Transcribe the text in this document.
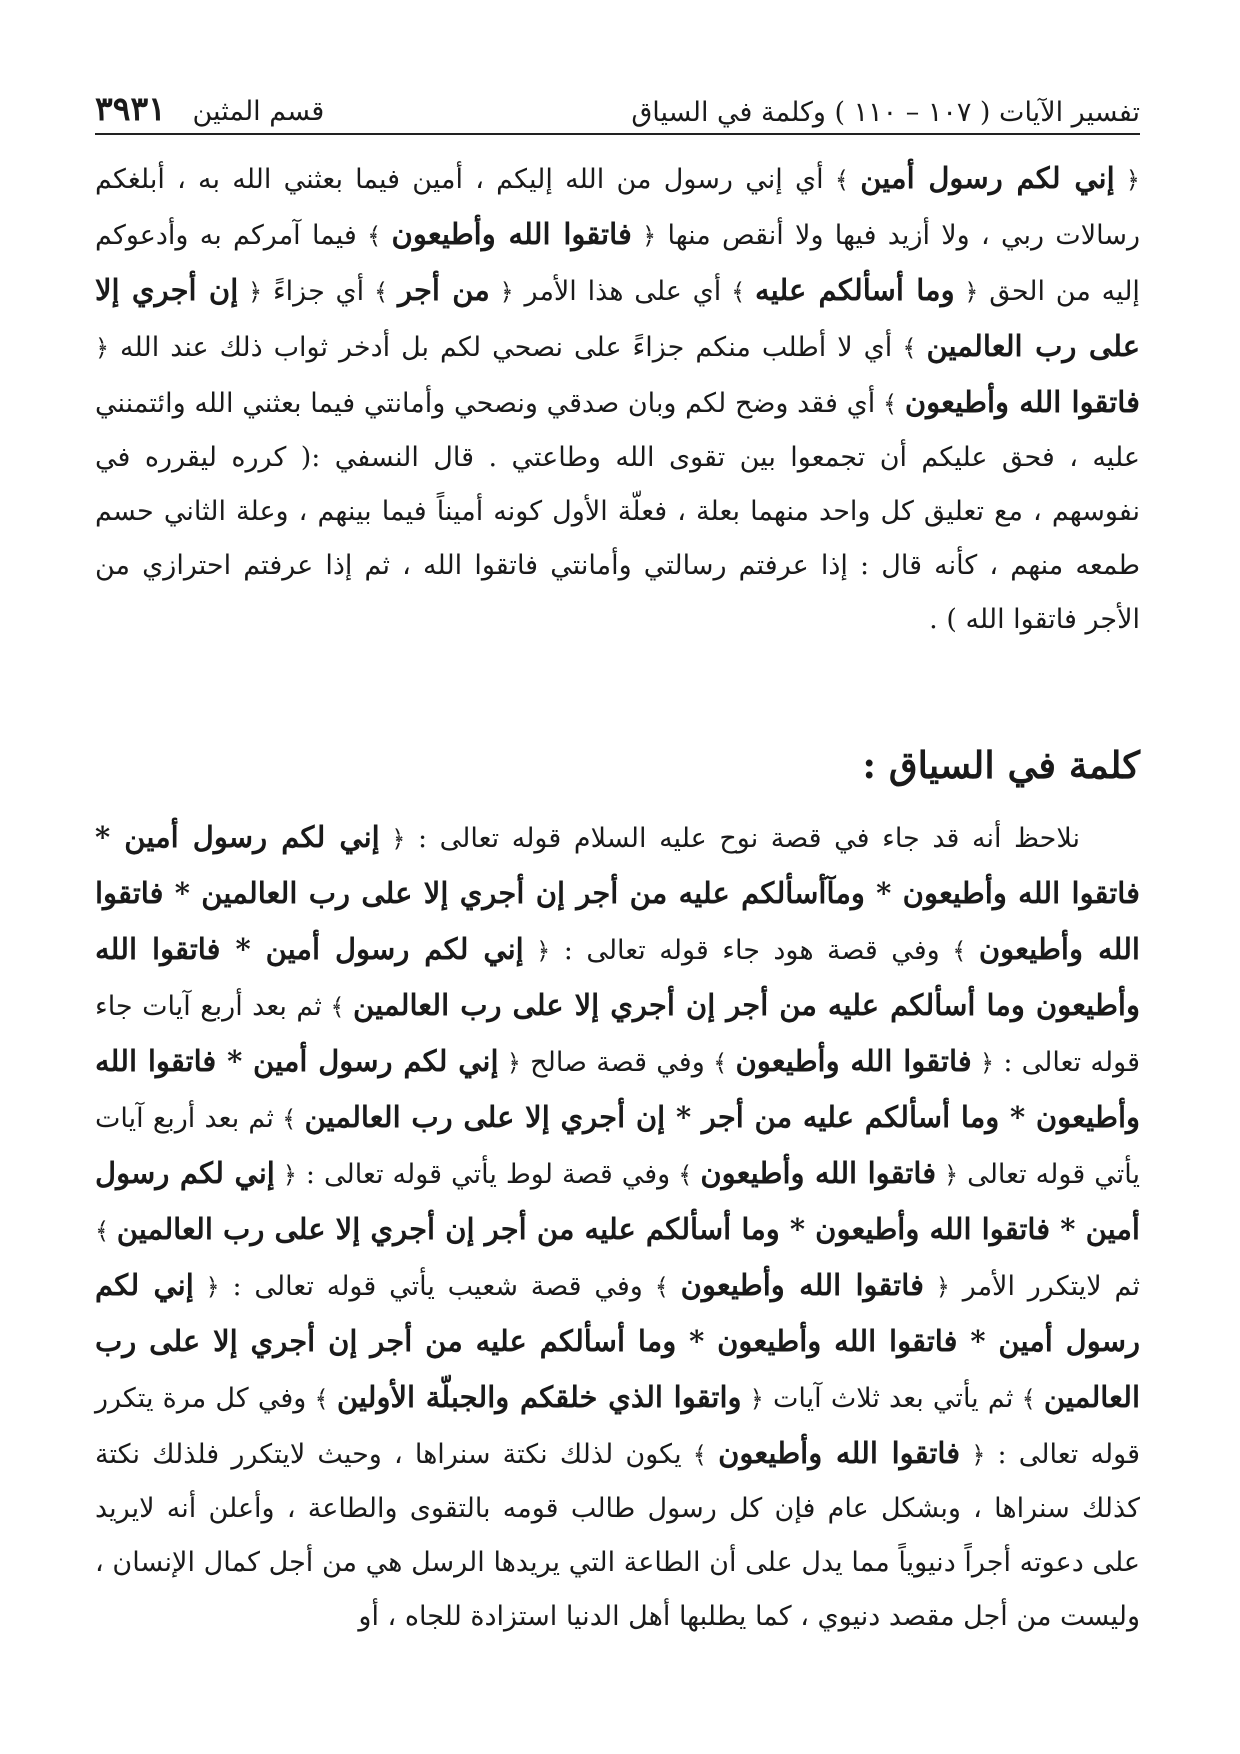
تفسير الآيات ( ١٠٧ – ١١٠ ) وكلمة في السياق
قسم المثين ٣٩٣١

﴿ إني لكم رسول أمين ﴾ أي إني رسول من الله إليكم ، أمين فيما بعثني الله به ، أبلغكم رسالات ربي ، ولا أزيد فيها ولا أنقص منها ﴿ فاتقوا الله وأطيعون ﴾ فيما آمركم به وأدعوكم إليه من الحق ﴿ وما أسألكم عليه ﴾ أي على هذا الأمر ﴿ من أجر ﴾ أي جزاءً ﴿ إن أجري إلا على رب العالمين ﴾ أي لا أطلب منكم جزاءً على نصحي لكم بل أدخر ثواب ذلك عند الله ﴿ فاتقوا الله وأطيعون ﴾ أي فقد وضح لكم وبان صدقي ونصحي وأمانتي فيما بعثني الله وائتمنني عليه ، فحق عليكم أن تجمعوا بين تقوى الله وطاعتي . قال النسفي :( كرره ليقرره في نفوسهم ، مع تعليق كل واحد منهما بعلة ، فعلّة الأول كونه أميناً فيما بينهم ، وعلة الثاني حسم طمعه منهم ، كأنه قال : إذا عرفتم رسالتي وأمانتي فاتقوا الله ، ثم إذا عرفتم احترازي من الأجر فاتقوا الله ) .

كلمة في السياق :

نلاحظ أنه قد جاء في قصة نوح عليه السلام قوله تعالى : ﴿ إني لكم رسول أمين * فاتقوا الله وأطيعون * ومآأسألكم عليه من أجر إن أجري إلا على رب العالمين * فاتقوا الله وأطيعون ﴾ وفي قصة هود جاء قوله تعالى : ﴿ إني لكم رسول أمين * فاتقوا الله وأطيعون وما أسألكم عليه من أجر إن أجري إلا على رب العالمين ﴾ ثم بعد أربع آيات جاء قوله تعالى : ﴿ فاتقوا الله وأطيعون ﴾ وفي قصة صالح ﴿ إني لكم رسول أمين * فاتقوا الله وأطيعون * وما أسألكم عليه من أجر * إن أجري إلا على رب العالمين ﴾ ثم بعد أربع آيات يأتي قوله تعالى ﴿ فاتقوا الله وأطيعون ﴾ وفي قصة لوط يأتي قوله تعالى : ﴿ إني لكم رسول أمين * فاتقوا الله وأطيعون * وما أسألكم عليه من أجر إن أجري إلا على رب العالمين ﴾ ثم لايتكرر الأمر ﴿ فاتقوا الله وأطيعون ﴾ وفي قصة شعيب يأتي قوله تعالى : ﴿ إني لكم رسول أمين * فاتقوا الله وأطيعون * وما أسألكم عليه من أجر إن أجري إلا على رب العالمين ﴾ ثم يأتي بعد ثلاث آيات ﴿ واتقوا الذي خلقكم والجبلّة الأولين ﴾ وفي كل مرة يتكرر قوله تعالى : ﴿ فاتقوا الله وأطيعون ﴾ يكون لذلك نكتة سنراها ، وحيث لايتكرر فلذلك نكتة كذلك سنراها ، وبشكل عام فإن كل رسول طالب قومه بالتقوى والطاعة ، وأعلن أنه لايريد على دعوته أجراً دنيوياً مما يدل على أن الطاعة التي يريدها الرسل هي من أجل كمال الإنسان ، وليست من أجل مقصد دنيوي ، كما يطلبها أهل الدنيا استزادة للجاه ، أو
